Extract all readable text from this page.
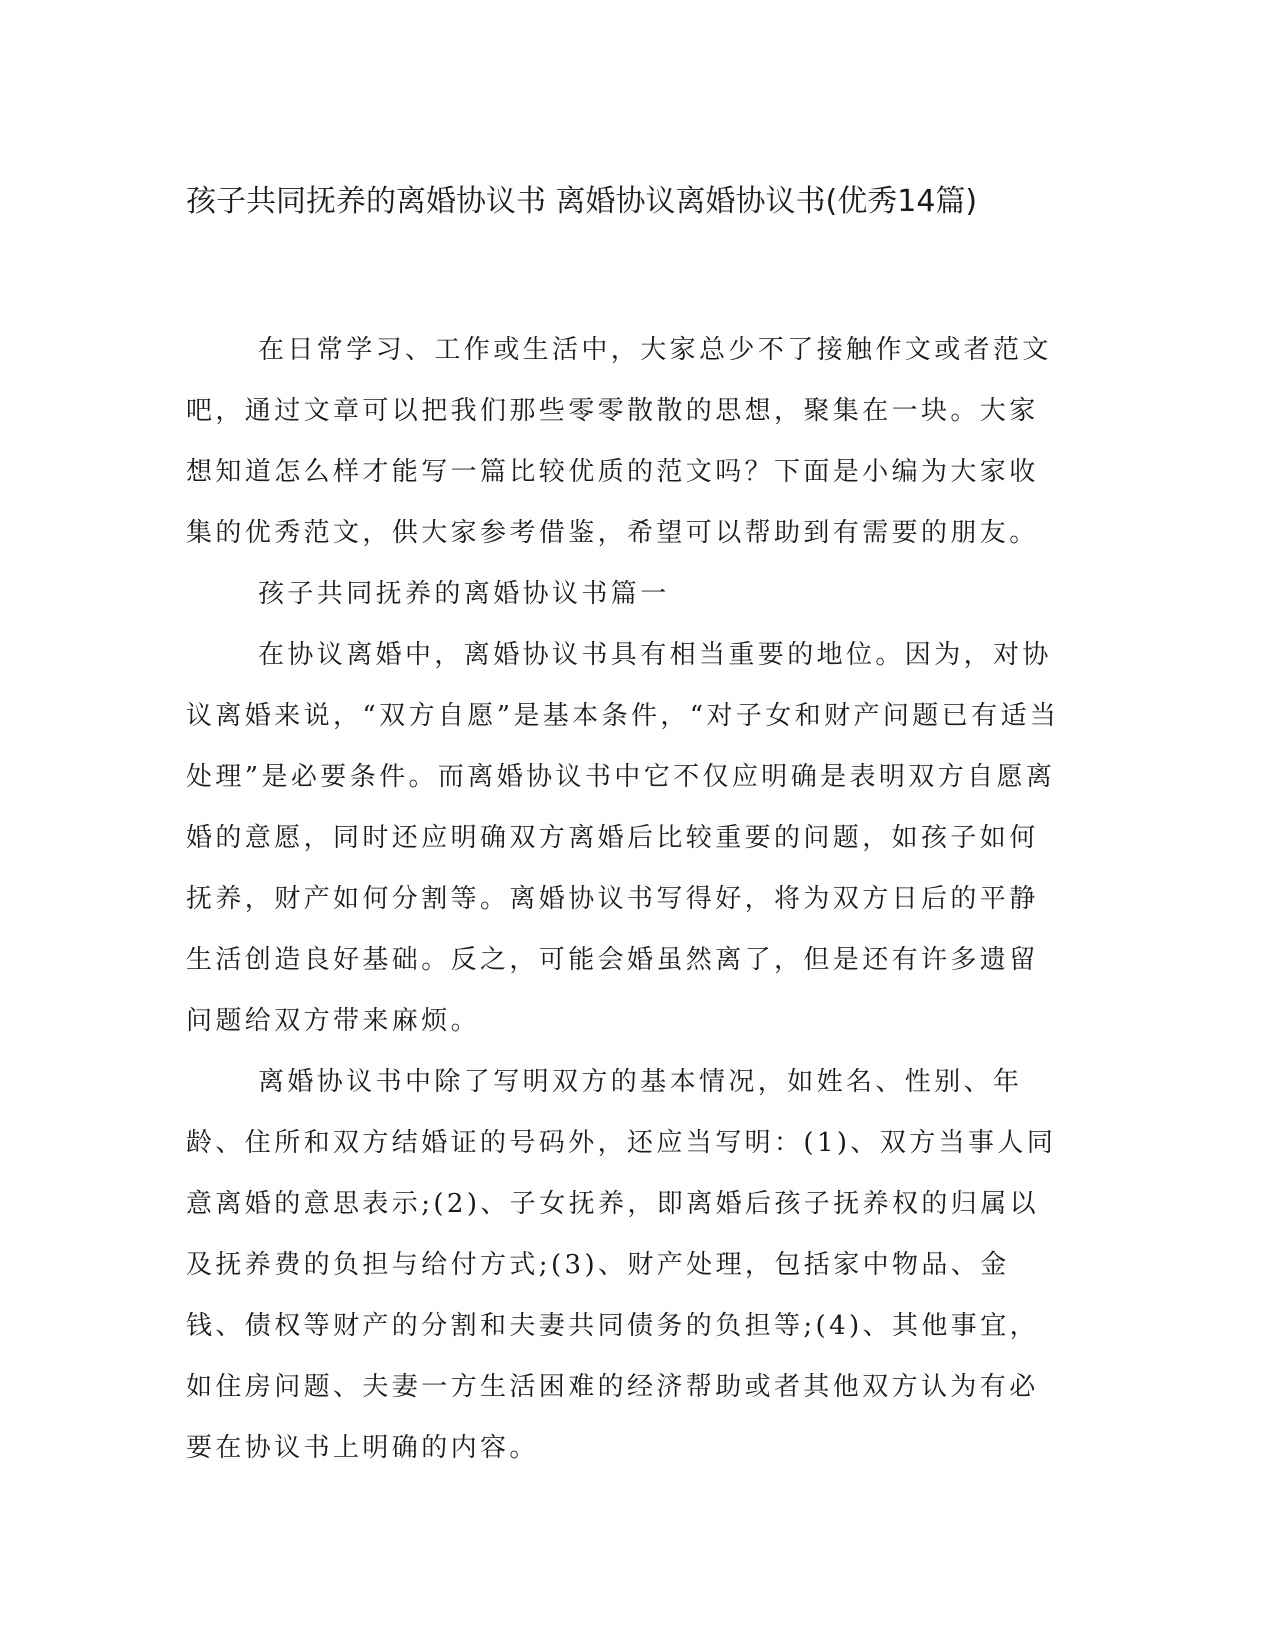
孩子共同抚养的离婚协议书 离婚协议离婚协议书(优秀14篇)

在日常学习、工作或生活中，大家总少不了接触作文或者范文吧，通过文章可以把我们那些零零散散的思想，聚集在一块。大家想知道怎么样才能写一篇比较优质的范文吗？下面是小编为大家收集的优秀范文，供大家参考借鉴，希望可以帮助到有需要的朋友。

孩子共同抚养的离婚协议书篇一

在协议离婚中，离婚协议书具有相当重要的地位。因为，对协议离婚来说，“双方自愿”是基本条件，“对子女和财产问题已有适当处理”是必要条件。而离婚协议书中它不仅应明确是表明双方自愿离婚的意愿，同时还应明确双方离婚后比较重要的问题，如孩子如何抚养，财产如何分割等。离婚协议书写得好，将为双方日后的平静生活创造良好基础。反之，可能会婚虽然离了，但是还有许多遗留问题给双方带来麻烦。

离婚协议书中除了写明双方的基本情况，如姓名、性别、年龄、住所和双方结婚证的号码外，还应当写明：(1)、双方当事人同意离婚的意思表示;(2)、子女抚养，即离婚后孩子抚养权的归属以及抚养费的负担与给付方式;(3)、财产处理，包括家中物品、金钱、债权等财产的分割和夫妻共同债务的负担等;(4)、其他事宜，如住房问题、夫妻一方生活困难的经济帮助或者其他双方认为有必要在协议书上明确的内容。
